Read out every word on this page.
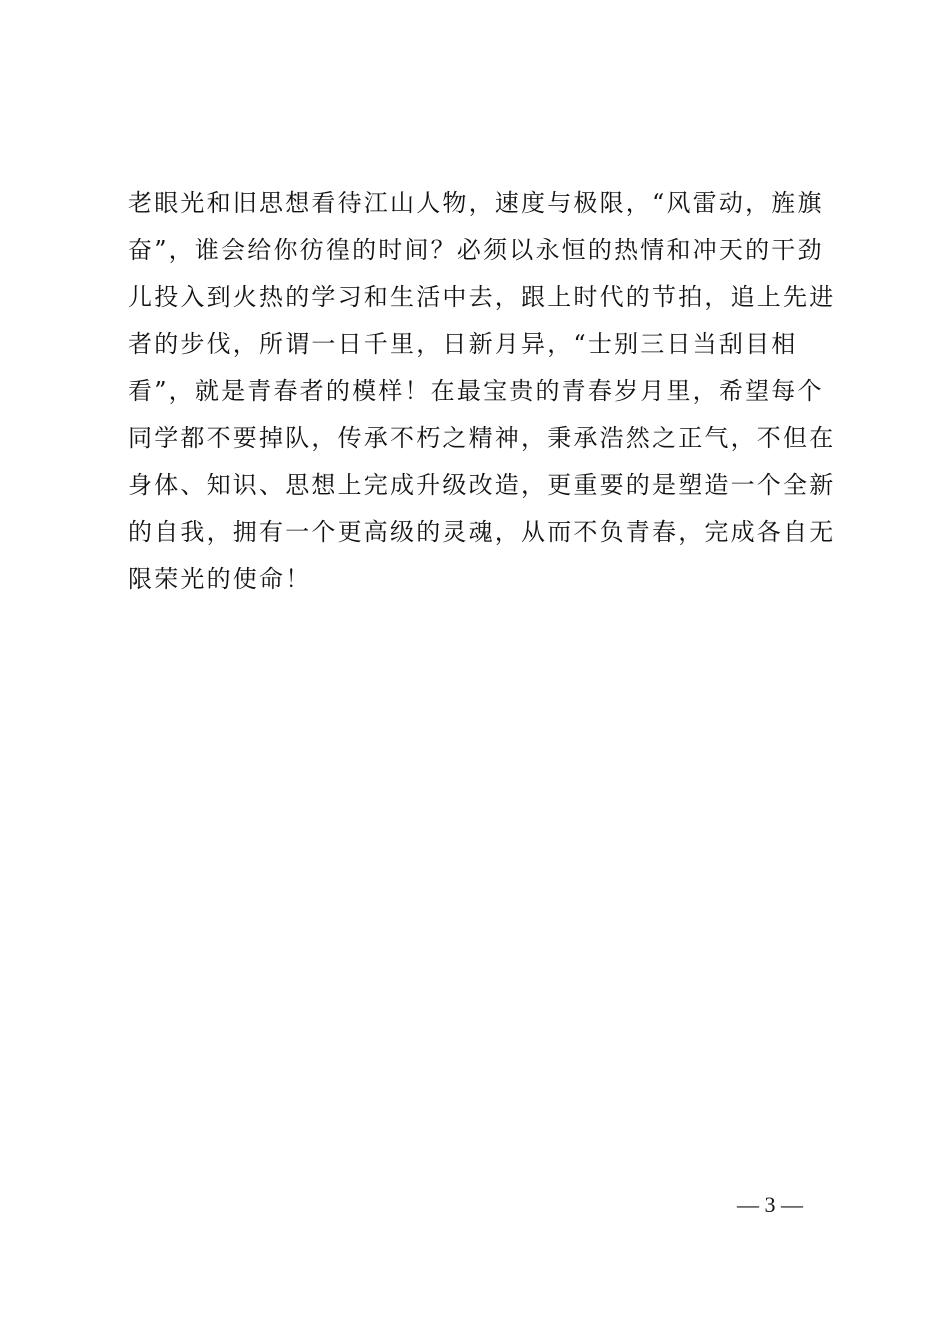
老眼光和旧思想看待江山人物，速度与极限，“风雷动，旌旗
奋”，谁会给你彷徨的时间？必须以永恒的热情和冲天的干劲
儿投入到火热的学习和生活中去，跟上时代的节拍，追上先进
者的步伐，所谓一日千里，日新月异，“士别三日当刮目相
看”，就是青春者的模样！在最宝贵的青春岁月里，希望每个
同学都不要掉队，传承不朽之精神，秉承浩然之正气，不但在
身体、知识、思想上完成升级改造，更重要的是塑造一个全新
的自我，拥有一个更高级的灵魂，从而不负青春，完成各自无
限荣光的使命！
— 3 —
